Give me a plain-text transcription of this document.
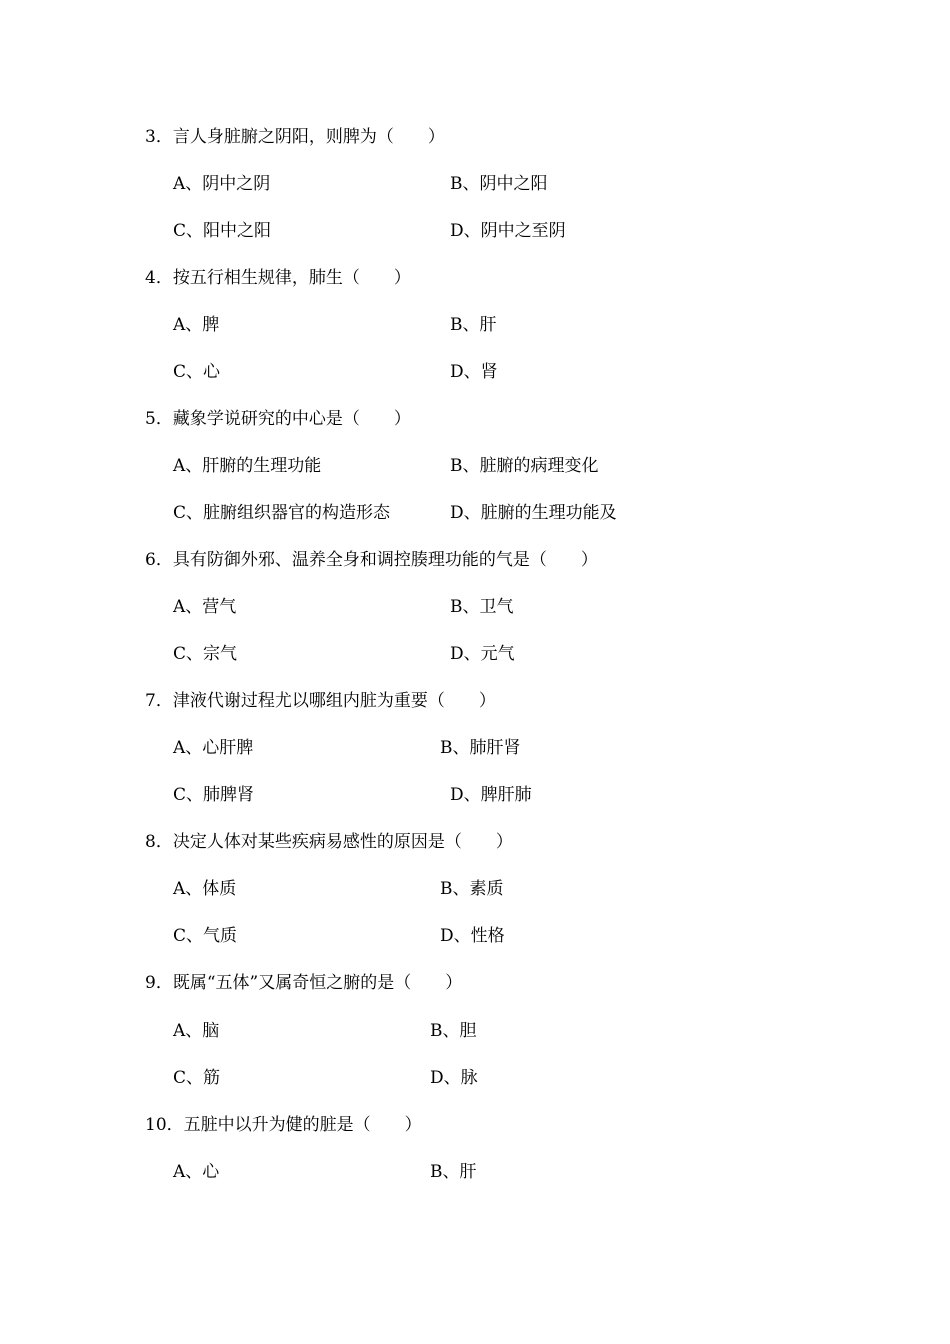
3．言人身脏腑之阴阳，则脾为（　　）
A、阴中之阴	B、阴中之阳
C、阳中之阳	D、阴中之至阴
4．按五行相生规律，肺生（　　）
A、脾	B、肝
C、心	D、肾
5．藏象学说研究的中心是（　　）
A、肝腑的生理功能	B、脏腑的病理变化
C、脏腑组织器官的构造形态	D、脏腑的生理功能及
6．具有防御外邪、温养全身和调控腠理功能的气是（　　）
A、营气	B、卫气
C、宗气	D、元气
7．津液代谢过程尤以哪组内脏为重要（　　）
A、心肝脾	B、肺肝肾
C、肺脾肾	D、脾肝肺
8．决定人体对某些疾病易感性的原因是（　　）
A、体质	B、素质
C、气质	D、性格
9．既属“五体”又属奇恒之腑的是（　　）
A、脑	B、胆
C、筋	D、脉
10．五脏中以升为健的脏是（　　）
A、心	B、肝
